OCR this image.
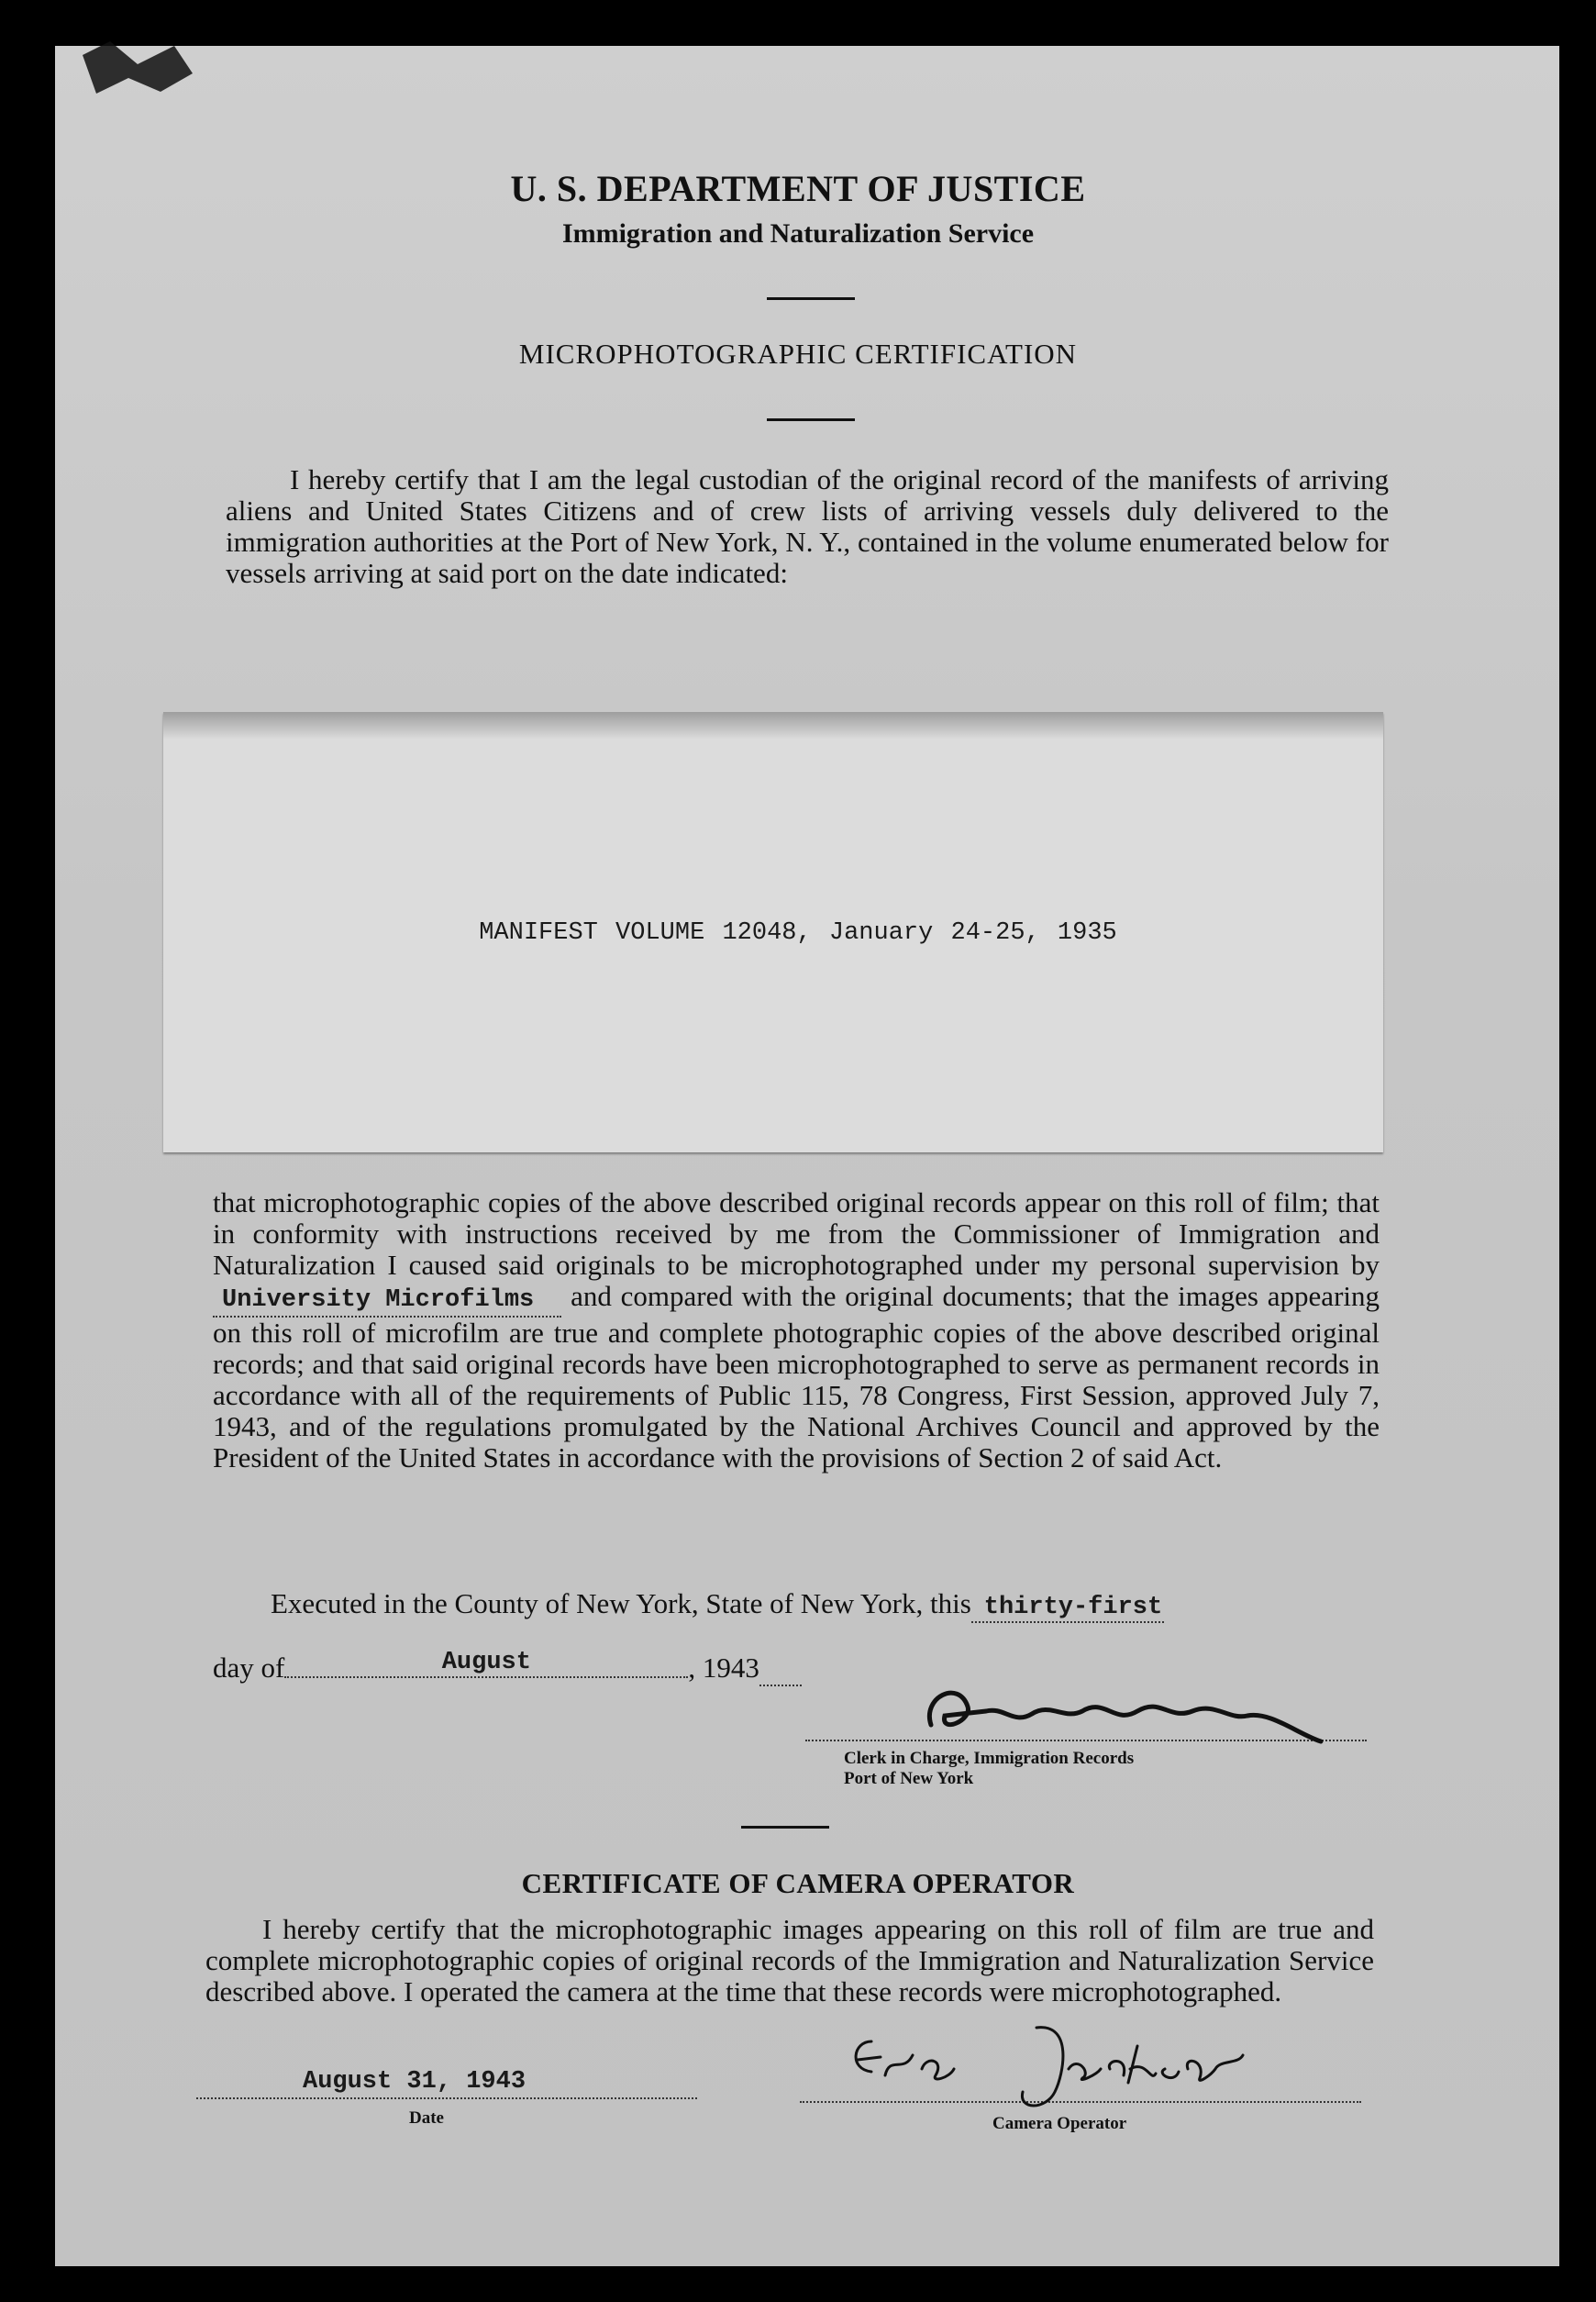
U. S. DEPARTMENT OF JUSTICE
Immigration and Naturalization Service
MICROPHOTOGRAPHIC CERTIFICATION

I hereby certify that I am the legal custodian of the original record of the manifests of arriving aliens and United States Citizens and of crew lists of arriving vessels duly delivered to the immigration authorities at the Port of New York, N. Y., contained in the volume enumerated below for vessels arriving at said port on the date indicated:

MANIFEST VOLUME 12048, January 24-25, 1935

that microphotographic copies of the above described original records appear on this roll of film; that in conformity with instructions received by me from the Commissioner of Immigration and Naturalization I caused said originals to be microphotographed under my personal supervision by University Microfilms and compared with the original documents; that the images appearing on this roll of microfilm are true and complete photographic copies of the above described original records; and that said original records have been microphotographed to serve as permanent records in accordance with all of the requirements of Public 115, 78 Congress, First Session, approved July 7, 1943, and of the regulations promulgated by the National Archives Council and approved by the President of the United States in accordance with the provisions of Section 2 of said Act.

Executed in the County of New York, State of New York, this thirty-first
day of	August	, 1943
Clerk in Charge, Immigration Records
Port of New York
CERTIFICATE OF CAMERA OPERATOR

I hereby certify that the microphotographic images appearing on this roll of film are true and complete microphotographic copies of original records of the Immigration and Naturalization Service described above. I operated the camera at the time that these records were microphotographed.

August 31, 1943
Date	Camera Operator
